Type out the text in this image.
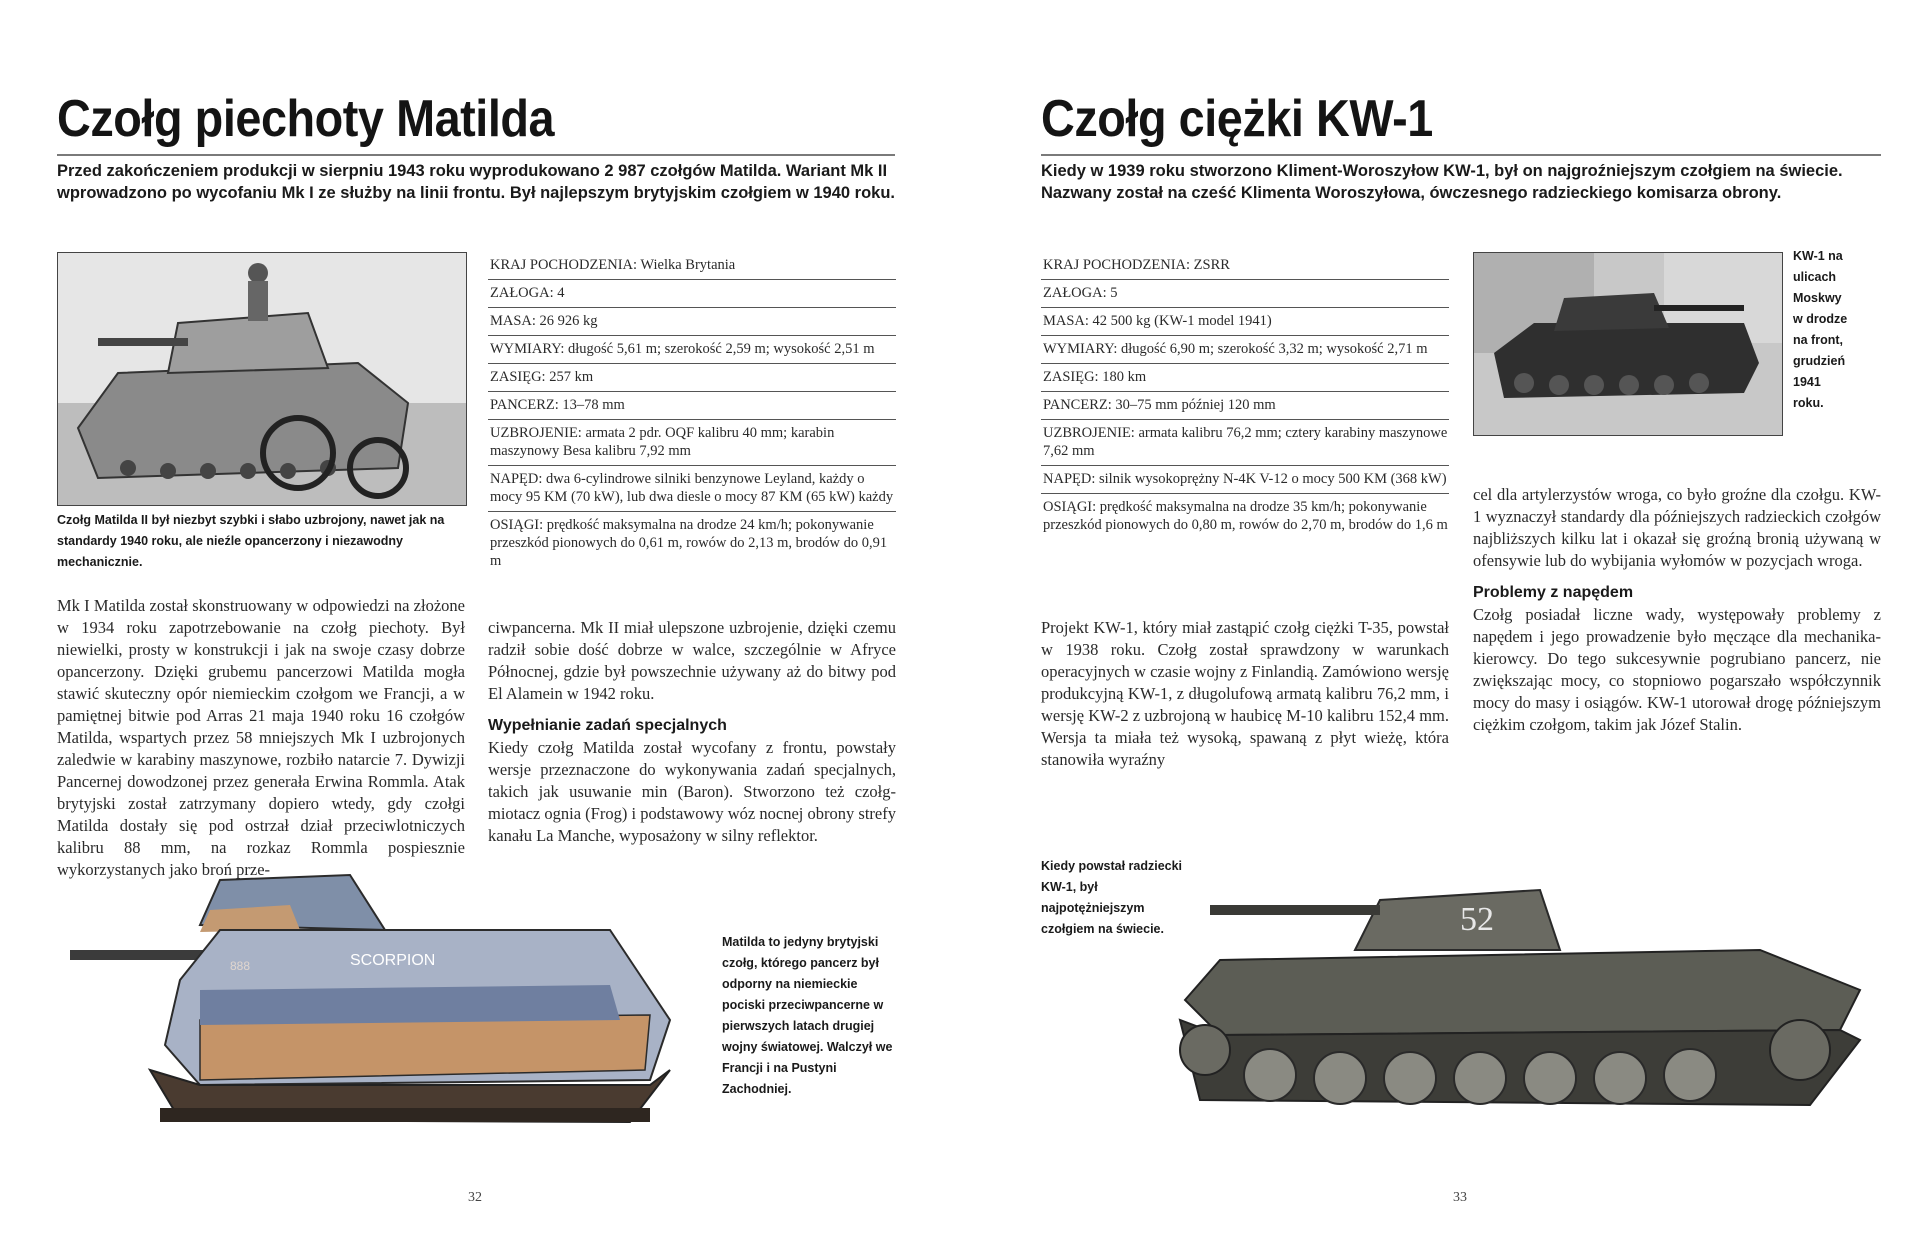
Czołg piechoty Matilda
Przed zakończeniem produkcji w sierpniu 1943 roku wyprodukowano 2 987 czołgów Matilda. Wariant Mk II wprowadzono po wycofaniu Mk I ze służby na linii frontu. Był najlepszym brytyjskim czołgiem w 1940 roku.
Czołg Matilda II był niezbyt szybki i słabo uzbrojony, nawet jak na standardy 1940 roku, ale nieźle opancerzony i niezawodny mechanicznie.
KRAJ POCHODZENIA: Wielka Brytania
ZAŁOGA: 4
MASA: 26 926 kg
WYMIARY: długość 5,61 m; szerokość 2,59 m; wysokość 2,51 m
ZASIĘG: 257 km
PANCERZ: 13–78 mm
UZBROJENIE: armata 2 pdr. OQF kalibru 40 mm; karabin maszynowy Besa kalibru 7,92 mm
NAPĘD: dwa 6-cylindrowe silniki benzynowe Leyland, każdy o mocy 95 KM (70 kW), lub dwa diesle o mocy 87 KM (65 kW) każdy
OSIĄGI: prędkość maksymalna na drodze 24 km/h; pokonywanie przeszkód pionowych do 0,61 m, rowów do 2,13 m, brodów do 0,91 m

Mk I Matilda został skonstruowany w odpowiedzi na złożone w 1934 roku zapotrzebowanie na czołg piechoty. Był niewielki, prosty w konstrukcji i jak na swoje czasy dobrze opancerzony. Dzięki grubemu pancerzowi Matilda mogła stawić skuteczny opór niemieckim czołgom we Francji, a w pamiętnej bitwie pod Arras 21 maja 1940 roku 16 czołgów Matilda, wspartych przez 58 mniejszych Mk I uzbrojonych zaledwie w karabiny maszynowe, rozbiło natarcie 7. Dywizji Pancernej dowodzonej przez generała Erwina Rommla. Atak brytyjski został zatrzymany dopiero wtedy, gdy czołgi Matilda dostały się pod ostrzał dział przeciwlotniczych kalibru 88 mm, na rozkaz Rommla pospiesznie wykorzystanych jako broń prze-

ciwpancerna. Mk II miał ulepszone uzbrojenie, dzięki czemu radził sobie dość dobrze w walce, szczególnie w Afryce Północnej, gdzie był powszechnie używany aż do bitwy pod El Alamein w 1942 roku.

Wypełnianie zadań specjalnych

Kiedy czołg Matilda został wycofany z frontu, powstały wersje przeznaczone do wykonywania zadań specjalnych, takich jak usuwanie min (Baron). Stworzono też czołg-miotacz ognia (Frog) i podstawowy wóz nocnej obrony strefy kanału La Manche, wyposażony w silny reflektor.

SCORPION
888
Matilda to jedyny brytyjski czołg, którego pancerz był odporny na niemieckie pociski przeciwpancerne w pierwszych latach drugiej wojny światowej. Walczył we Francji i na Pustyni Zachodniej.
32
Czołg ciężki KW-1
Kiedy w 1939 roku stworzono Kliment-Woroszyłow KW-1, był on najgroźniejszym czołgiem na świecie. Nazwany został na cześć Klimenta Woroszyłowa, ówczesnego radzieckiego komisarza obrony.
KRAJ POCHODZENIA: ZSRR
ZAŁOGA: 5
MASA: 42 500 kg (KW-1 model 1941)
WYMIARY: długość 6,90 m; szerokość 3,32 m; wysokość 2,71 m
ZASIĘG: 180 km
PANCERZ: 30–75 mm później 120 mm
UZBROJENIE: armata kalibru 76,2 mm; cztery karabiny maszynowe 7,62 mm
NAPĘD: silnik wysokoprężny N-4K V-12 o mocy 500 KM (368 kW)
OSIĄGI: prędkość maksymalna na drodze 35 km/h; pokonywanie przeszkód pionowych do 0,80 m, rowów do 2,70 m, brodów do 1,6 m
KW-1 na ulicach Moskwy w drodze na front, grudzień 1941 roku.

Projekt KW-1, który miał zastąpić czołg ciężki T-35, powstał w 1938 roku. Czołg został sprawdzony w warunkach operacyjnych w czasie wojny z Finlandią. Zamówiono wersję produkcyjną KW-1, z długolufową armatą kalibru 76,2 mm, i wersję KW-2 z uzbrojoną w haubicę M-10 kalibru 152,4 mm. Wersja ta miała też wysoką, spawaną z płyt wieżę, która stanowiła wyraźny

cel dla artylerzystów wroga, co było groźne dla czołgu. KW-1 wyznaczył standardy dla późniejszych radzieckich czołgów najbliższych kilku lat i okazał się groźną bronią używaną w ofensywie lub do wybijania wyłomów w pozycjach wroga.

Problemy z napędem

Czołg posiadał liczne wady, występowały problemy z napędem i jego prowadzenie było męczące dla mechanika-kierowcy. Do tego sukcesywnie pogrubiano pancerz, nie zwiększając mocy, co stopniowo pogarszało współczynnik mocy do masy i osiągów. KW-1 utorował drogę późniejszym ciężkim czołgom, takim jak Józef Stalin.

Kiedy powstał radziecki KW-1, był najpotężniejszym czołgiem na świecie.	52
33
